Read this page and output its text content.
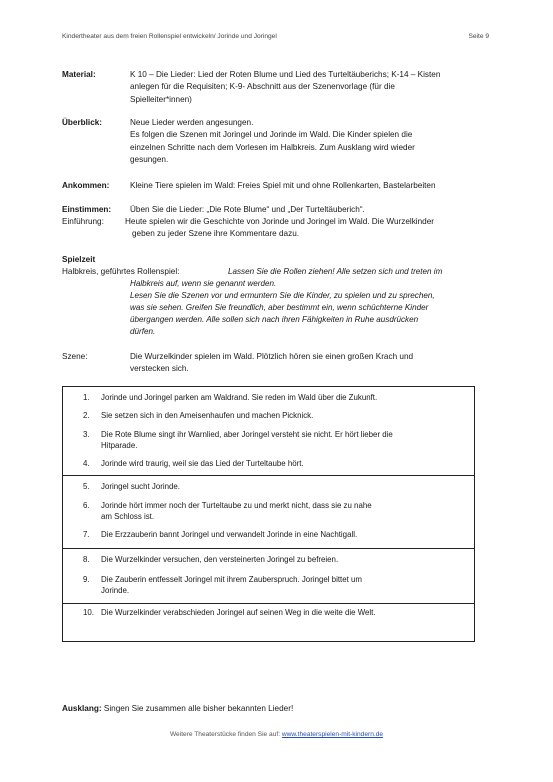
Kindertheater aus dem freien Rollenspiel entwickeln/ Jorinde und Joringel	Seite 9
Material:	K 10 – Die Lieder: Lied der Roten Blume und Lied des Turteltäuberichs; K-14 – Kisten
anlegen für die Requisiten; K-9- Abschnitt aus der Szenenvorlage (für die
Spielleiter*innen)
Überblick:	Neue Lieder werden angesungen.
Es folgen die Szenen mit Joringel und Jorinde im Wald. Die Kinder spielen die
einzelnen Schritte nach dem Vorlesen im Halbkreis. Zum Ausklang wird wieder
gesungen.
Ankommen:	Kleine Tiere spielen im Wald: Freies Spiel mit und ohne Rollenkarten, Bastelarbeiten
Einstimmen: Üben Sie die Lieder: „Die Rote Blume“ und „Der Turteltäuberich“.
Einführung:	Heute spielen wir die Geschichte von Jorinde und Joringel im Wald. Die Wurzelkinder
geben zu jeder Szene ihre Kommentare dazu.
Spielzeit
Halbkreis, geführtes Rollenspiel:	Lassen Sie die Rollen ziehen! Alle setzen sich und treten im
Halbkreis auf, wenn sie genannt werden.
Lesen Sie die Szenen vor und ermuntern Sie die Kinder, zu spielen und zu sprechen,
was sie sehen. Greifen Sie freundlich, aber bestimmt ein, wenn schüchterne Kinder
übergangen werden. Alle sollen sich nach ihren Fähigkeiten in Ruhe ausdrücken
dürfen.
Szene:	Die Wurzelkinder spielen im Wald. Plötzlich hören sie einen großen Krach und
verstecken sich.
1. Jorinde und Joringel parken am Waldrand. Sie reden im Wald über die Zukunft.
2. Sie setzen sich in den Ameisenhaufen und machen Picknick.
3. Die Rote Blume singt ihr Warnlied, aber Joringel versteht sie nicht. Er hört lieber die
Hitparade.
4. Jorinde wird traurig, weil sie das Lied der Turteltaube hört.

5. Joringel sucht Jorinde.
6. Jorinde hört immer noch der Turteltaube zu und merkt nicht, dass sie zu nahe
am Schloss ist.
7. Die Erzzauberin bannt Joringel und verwandelt Jorinde in eine Nachtigall.

8. Die Wurzelkinder versuchen, den versteinerten Joringel zu befreien.
9. Die Zauberin entfesselt Joringel mit ihrem Zauberspruch. Joringel bittet um
Jorinde.

10. Die Wurzelkinder verabschieden Joringel auf seinen Weg in die weite die Welt.
Ausklang: Singen Sie zusammen alle bisher bekannten Lieder!
Weitere Theaterstücke finden Sie auf: www.theaterspielen-mit-kindern.de
